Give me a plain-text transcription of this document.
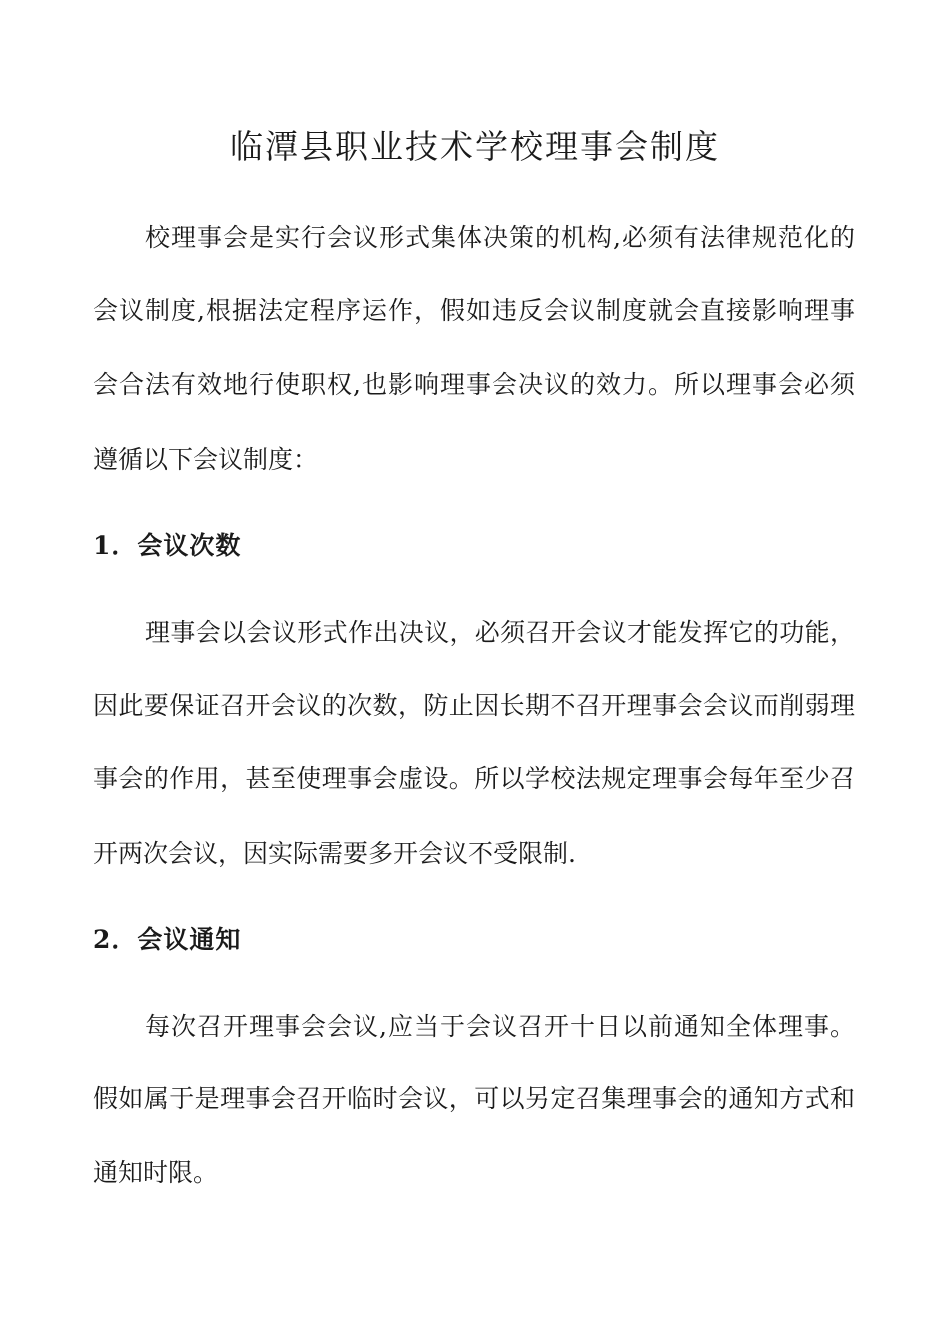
临潭县职业技术学校理事会制度
校理事会是实行会议形式集体决策的机构,必须有法律规范化的
会议制度,根据法定程序运作，假如违反会议制度就会直接影响理事
会合法有效地行使职权,也影响理事会决议的效力。所以理事会必须
遵循以下会议制度：
1．会议次数
理事会以会议形式作出决议，必须召开会议才能发挥它的功能，
因此要保证召开会议的次数，防止因长期不召开理事会会议而削弱理
事会的作用，甚至使理事会虚设。所以学校法规定理事会每年至少召
开两次会议，因实际需要多开会议不受限制.
2．会议通知
每次召开理事会会议,应当于会议召开十日以前通知全体理事。
假如属于是理事会召开临时会议，可以另定召集理事会的通知方式和
通知时限。
